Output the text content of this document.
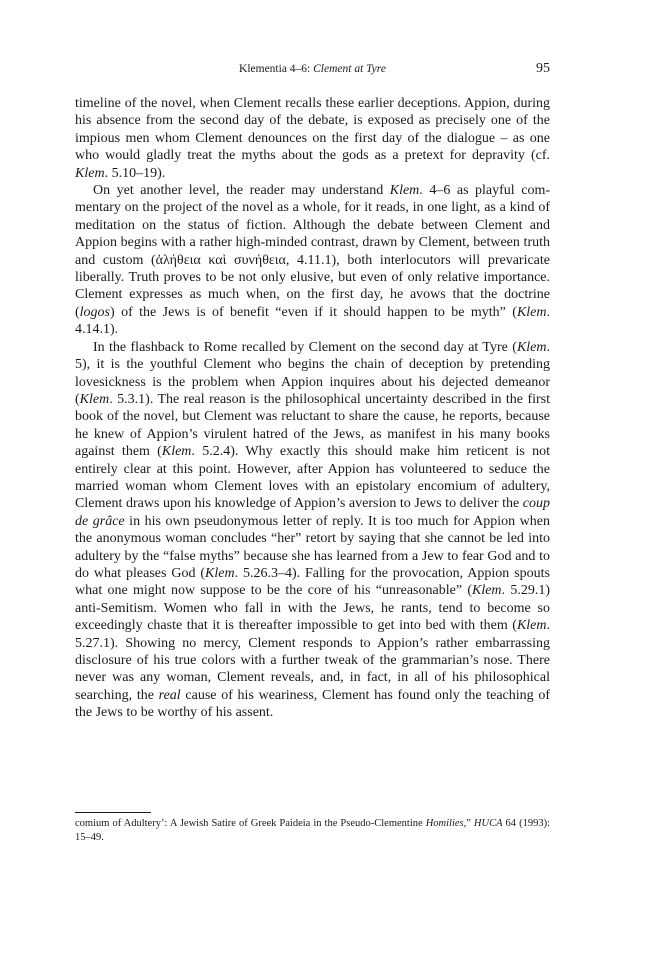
Klementia 4–6: Clement at Tyre	95

timeline of the novel, when Clement recalls these earlier deceptions. Appion, during his absence from the second day of the debate, is exposed as precisely one of the impious men whom Clement denounces on the first day of the dialogue – as one who would gladly treat the myths about the gods as a pretext for depravity (cf. Klem. 5.10–19).

On yet another level, the reader may understand Klem. 4–6 as playful commentary on the project of the novel as a whole, for it reads, in one light, as a kind of meditation on the status of fiction. Although the debate between Clement and Appion begins with a rather high-minded contrast, drawn by Clement, between truth and custom (ἀλήθεια καὶ συνήθεια, 4.11.1), both interlocutors will prevaricate liberally. Truth proves to be not only elusive, but even of only relative importance. Clement expresses as much when, on the first day, he avows that the doctrine (logos) of the Jews is of benefit “even if it should happen to be myth” (Klem. 4.14.1).

In the flashback to Rome recalled by Clement on the second day at Tyre (Klem. 5), it is the youthful Clement who begins the chain of deception by pretending lovesickness is the problem when Appion inquires about his dejected demeanor (Klem. 5.3.1). The real reason is the philosophical uncertainty described in the first book of the novel, but Clement was reluctant to share the cause, he reports, because he knew of Appion’s virulent hatred of the Jews, as manifest in his many books against them (Klem. 5.2.4). Why exactly this should make him reticent is not entirely clear at this point. However, after Appion has volunteered to seduce the married woman whom Clement loves with an epistolary encomium of adultery, Clement draws upon his knowledge of Appion’s aversion to Jews to deliver the coup de grâce in his own pseudonymous letter of reply. It is too much for Appion when the anonymous woman concludes “her” retort by saying that she cannot be led into adultery by the “false myths” because she has learned from a Jew to fear God and to do what pleases God (Klem. 5.26.3–4). Falling for the provocation, Appion spouts what one might now suppose to be the core of his “unreasonable” (Klem. 5.29.1) anti-Semitism. Women who fall in with the Jews, he rants, tend to become so exceedingly chaste that it is thereafter impossible to get into bed with them (Klem. 5.27.1). Showing no mercy, Clement responds to Appion’s rather embarrassing disclosure of his true colors with a further tweak of the grammarian’s nose. There never was any woman, Clement reveals, and, in fact, in all of his philosophical searching, the real cause of his weariness, Clement has found only the teaching of the Jews to be worthy of his assent.

comium of Adultery’: A Jewish Satire of Greek Paideia in the Pseudo-Clementine Homilies,” HUCA 64 (1993): 15–49.
